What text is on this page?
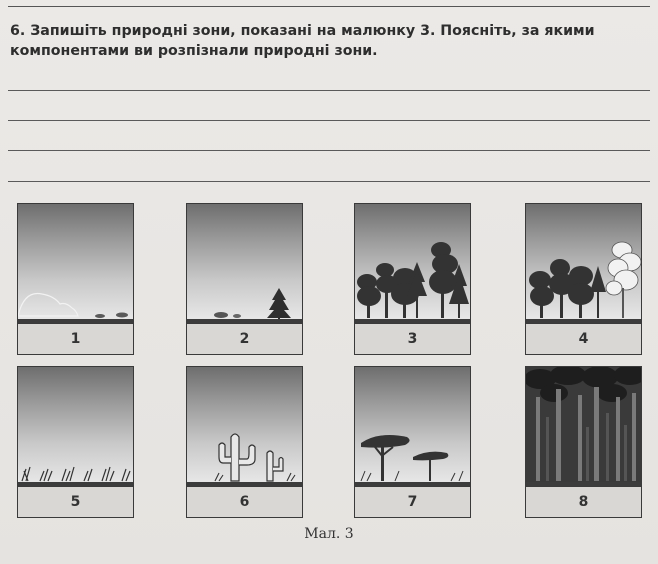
6. Запишіть природні зони, показані на малюнку 3. Поясніть, за якими компонентами ви розпізнали природні зони.
1	2	3	4
5	6	7	8
Мал. 3
